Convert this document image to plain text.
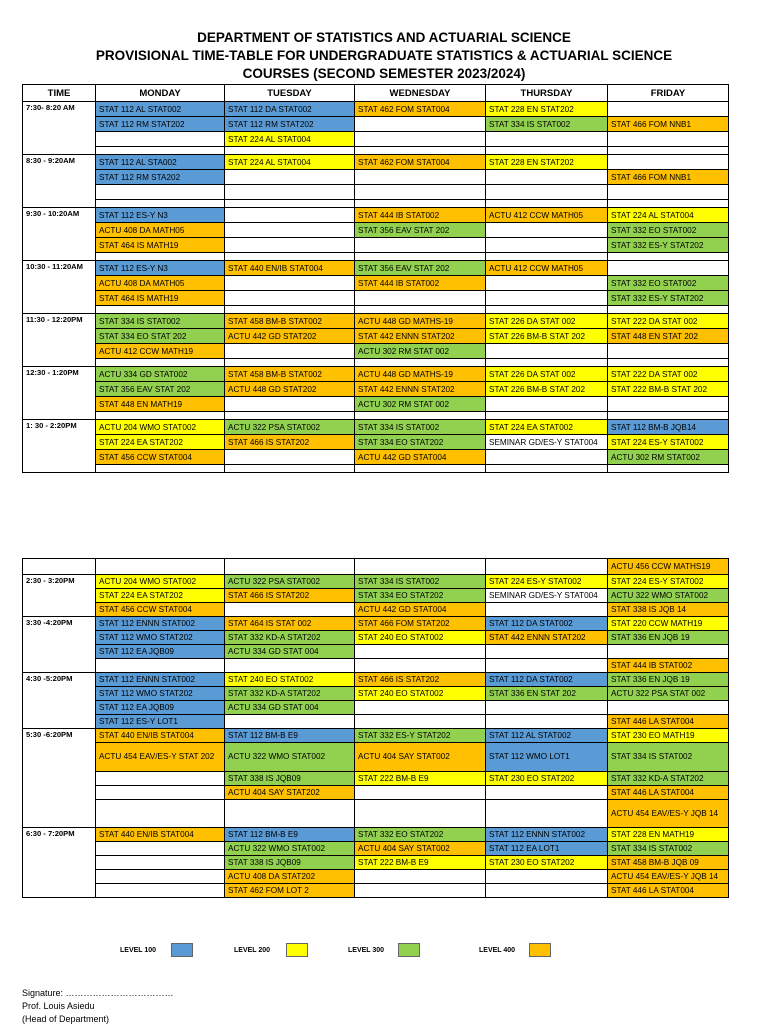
DEPARTMENT OF STATISTICS AND ACTUARIAL SCIENCE
PROVISIONAL TIME-TABLE FOR UNDERGRADUATE STATISTICS & ACTUARIAL SCIENCE
COURSES (SECOND SEMESTER 2023/2024)
TIME	MONDAY	TUESDAY	WEDNESDAY	THURSDAY	FRIDAY
7:30- 8:20 AM	STAT 112 AL STAT002	STAT 112 DA STAT002	STAT 462 FOM STAT004	STAT 228 EN STAT202	
	STAT 112 RM STAT202	STAT 112 RM STAT202		STAT 334 IS STAT002	STAT 466 FOM NNB1
		STAT 224 AL STAT004			

8:30 - 9:20AM	STAT 112 AL STA002	STAT 224 AL STAT004	STAT 462 FOM STAT004	STAT 228 EN STAT202	
	STAT 112 RM STA202				STAT 466 FOM NNB1

9:30 - 10:20AM	STAT 112 ES-Y N3		STAT 444 IB STAT002	ACTU 412 CCW MATH05	STAT 224 AL STAT004
	ACTU 408 DA MATH05		STAT 356 EAV STAT 202		STAT 332 EO STAT002
	STAT 464 IS MATH19				STAT 332 ES-Y STAT202

10:30 - 11:20AM	STAT 112 ES-Y N3	STAT 440 EN/IB STAT004	STAT 356 EAV STAT 202	ACTU 412 CCW MATH05	
	ACTU 408 DA MATH05		STAT 444 IB STAT002		STAT 332 EO STAT002
	STAT 464 IS MATH19				STAT 332 ES-Y STAT202

11:30 - 12:20PM	STAT 334 IS STAT002	STAT 458 BM-B STAT002	ACTU 448 GD MATHS-19	STAT 226 DA STAT 002	STAT 222 DA STAT 002
	STAT 334 EO STAT 202	ACTU 442 GD STAT202	STAT 442 ENNN STAT202	STAT 226 BM-B STAT 202	STAT 448 EN STAT 202
	ACTU 412 CCW MATH19		ACTU 302 RM STAT 002		

12:30 - 1:20PM	ACTU 334 GD STAT002	STAT 458 BM-B STAT002	ACTU 448 GD MATHS-19	STAT 226 DA STAT 002	STAT 222 DA STAT 002
	STAT 356 EAV STAT 202	ACTU 448 GD STAT202	STAT 442 ENNN STAT202	STAT 226 BM-B STAT 202	STAT 222 BM-B STAT 202
	STAT 448 EN MATH19		ACTU 302 RM STAT 002		

1: 30 - 2:20PM	ACTU 204 WMO STAT002	ACTU 322 PSA STAT002	STAT 334 IS STAT002	STAT 224 EA STAT002	STAT 112 BM-B JQB14
	STAT 224 EA STAT202	STAT 466 IS STAT202	STAT 334 EO STAT202	SEMINAR GD/ES-Y STAT004	STAT 224 ES-Y STAT002
	STAT 456 CCW STAT004		ACTU 442 GD STAT004		ACTU 302 RM STAT002

					ACTU 456 CCW MATHS19
2:30 - 3:20PM	ACTU 204 WMO STAT002	ACTU 322 PSA STAT002	STAT 334 IS STAT002	STAT 224 ES-Y STAT002	STAT 224 ES-Y STAT002
	STAT 224 EA STAT202	STAT 466 IS STAT202	STAT 334 EO STAT202	SEMINAR GD/ES-Y STAT004	ACTU 322 WMO STAT002
	STAT 456 CCW STAT004		ACTU 442 GD STAT004		STAT 338 IS JQB 14
3:30 -4:20PM	STAT 112 ENNN STAT002	STAT 464 IS STAT 002	STAT 466 FOM STAT202	STAT 112 DA STAT002	STAT 220 CCW MATH19
	STAT 112 WMO STAT202	STAT 332 KD-A STAT202	STAT 240 EO STAT002	STAT 442 ENNN STAT202	STAT 336 EN JQB 19
	STAT 112 EA JQB09	ACTU 334 GD STAT 004			
					STAT 444 IB STAT002
4:30 -5:20PM	STAT 112 ENNN STAT002	STAT 240 EO STAT002	STAT 466 IS STAT202	STAT 112 DA STAT002	STAT 336 EN JQB 19
	STAT 112 WMO STAT202	STAT 332 KD-A STAT202	STAT 240 EO STAT002	STAT 336 EN STAT 202	ACTU 322 PSA STAT 002
	STAT 112 EA JQB09	ACTU 334 GD STAT 004			
	STAT 112 ES-Y LOT1				STAT 446 LA STAT004
5:30 -6:20PM	STAT 440 EN/IB STAT004	STAT 112 BM-B E9	STAT 332 ES-Y STAT202	STAT 112 AL STAT002	STAT 230 EO MATH19
	ACTU 454 EAV/ES-Y STAT 202	ACTU 322 WMO STAT002	ACTU 404 SAY STAT002	STAT 112 WMO LOT1	STAT 334 IS STAT002
		STAT 338 IS JQB09	STAT 222 BM-B E9	STAT 230 EO STAT202	STAT 332 KD-A STAT202
		ACTU 404 SAY STAT202			STAT 446 LA STAT004
					ACTU 454 EAV/ES-Y JQB 14
6:30 - 7:20PM	STAT 440 EN/IB STAT004	STAT 112 BM-B E9	STAT 332 EO STAT202	STAT 112 ENNN STAT002	STAT 228 EN MATH19
		ACTU 322 WMO STAT002	ACTU 404 SAY STAT002	STAT 112 EA LOT1	STAT 334 IS STAT002
		STAT 338 IS JQB09	STAT 222 BM-B E9	STAT 230 EO STAT202	STAT 458 BM-B JQB 09
		ACTU 408 DA STAT202			ACTU 454 EAV/ES-Y JQB 14
		STAT 462 FOM LOT 2			STAT 446 LA STAT004
LEVEL 100	LEVEL 200	LEVEL 300	LEVEL 400
Signature: ………………………………
Prof. Louis Asiedu
(Head of Department)
